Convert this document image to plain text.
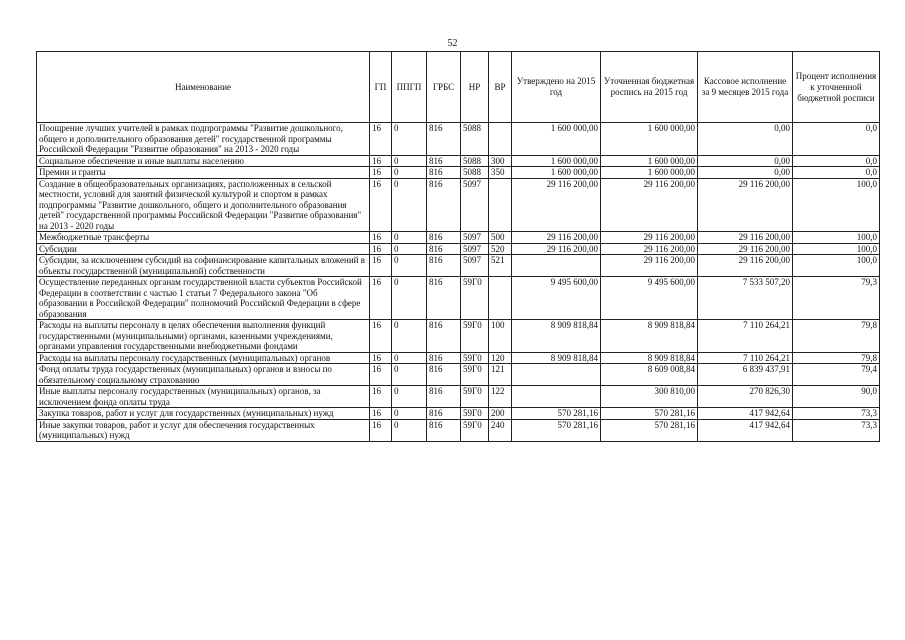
52
Наименование	ГП	ППГП	ГРБС	НР	ВР	Утверждено на 2015 год	Уточненная бюджетная роспись на 2015 год	Кассовое исполнение за 9 месяцев 2015 года	Процент исполнения к уточненной бюджетной росписи
Поощрение лучших учителей в рамках подпрограммы "Развитие дошкольного, общего и дополнительного образования детей" государственной программы Российской Федерации "Развитие образования" на 2013 - 2020 годы	16	0	816	5088		1 600 000,00	1 600 000,00	0,00	0,0
Социальное обеспечение и иные выплаты населению	16	0	816	5088	300	1 600 000,00	1 600 000,00	0,00	0,0
Премии и гранты	16	0	816	5088	350	1 600 000,00	1 600 000,00	0,00	0,0
Создание в общеобразовательных организациях, расположенных в сельской местности, условий для занятий физической культурой и спортом в рамках подпрограммы "Развитие дошкольного, общего и дополнительного образования детей" государственной программы Российской Федерации "Развитие образования" на 2013 - 2020 годы	16	0	816	5097		29 116 200,00	29 116 200,00	29 116 200,00	100,0
Межбюджетные трансферты	16	0	816	5097	500	29 116 200,00	29 116 200,00	29 116 200,00	100,0
Субсидии	16	0	816	5097	520	29 116 200,00	29 116 200,00	29 116 200,00	100,0
Субсидии, за исключением субсидий на софинансирование капитальных вложений в объекты государственной (муниципальной) собственности	16	0	816	5097	521		29 116 200,00	29 116 200,00	100,0
Осуществление переданных органам государственной власти субъектов Российской Федерации в соответствии с частью 1 статьи 7 Федерального закона "Об образовании в Российской Федерации" полномочий Российской Федерации в сфере образования	16	0	816	59Г0		9 495 600,00	9 495 600,00	7 533 507,20	79,3
Расходы на выплаты персоналу в целях обеспечения выполнения функций государственными (муниципальными) органами, казенными учреждениями, органами управления государственными внебюджетными фондами	16	0	816	59Г0	100	8 909 818,84	8 909 818,84	7 110 264,21	79,8
Расходы на выплаты персоналу государственных (муниципальных) органов	16	0	816	59Г0	120	8 909 818,84	8 909 818,84	7 110 264,21	79,8
Фонд оплаты труда государственных (муниципальных) органов и взносы по обязательному социальному страхованию	16	0	816	59Г0	121		8 609 008,84	6 839 437,91	79,4
Иные выплаты персоналу государственных (муниципальных) органов, за исключением фонда оплаты труда	16	0	816	59Г0	122		300 810,00	270 826,30	90,0
Закупка товаров, работ и услуг для государственных (муниципальных) нужд	16	0	816	59Г0	200	570 281,16	570 281,16	417 942,64	73,3
Иные закупки товаров, работ и услуг для обеспечения государственных (муниципальных) нужд	16	0	816	59Г0	240	570 281,16	570 281,16	417 942,64	73,3
